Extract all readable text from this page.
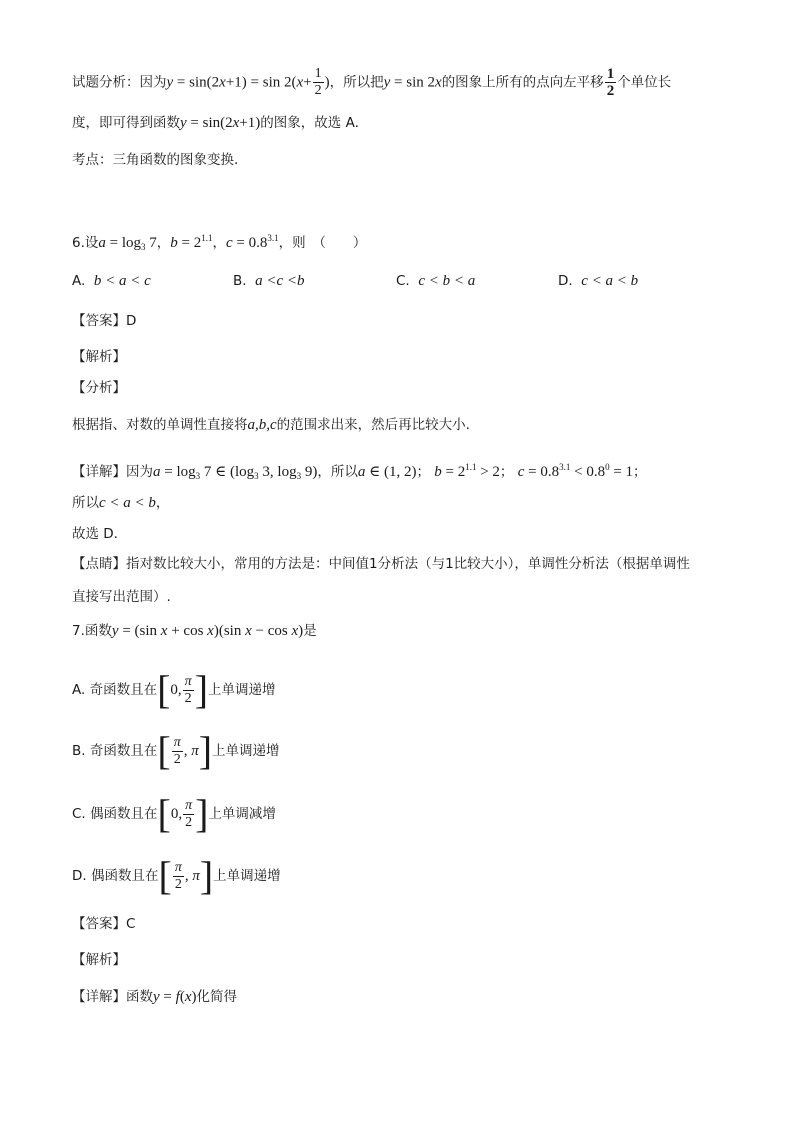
试题分析：因为$y = \sin(2x+1) = \sin 2(x+ \frac{1}{2}$ )，所以把y = sin 2x的图象上所有的点向左平移 $\frac{1}{2}$ 个单位长
度，即可得到函数y = sin(2x+1)的图象，故选 A．
考点：三角函数的图象变换．
6.设$a = \log_3 7$，$b = 2^{1.1}$，$c = 0.8^{3.1}$，则　（　　）
A. b < a < c	B. a <c <b	C. c < b < a	D. c < a < b
【答案】D
【解析】
【分析】
根据指、对数的单调性直接将a,b,c的范围求出来，然后再比较大小.
【详解】因为$a = \log_3 7$ ∈ ($\log_3$ 3, $\log_3 9$)，所以a ∈ (1, 2)； $b = 2^{1.1} > 2$； $c = 0.8^{3.1} < 0.8^0 = 1$；
所以c < a < b，
故选 D.
【点睛】指对数比较大小，常用的方法是：中间值1分析法（与1比较大小），单调性分析法（根据单调性
直接写出范围）.
7.函数y = (sin x + cos x)(sin x − cos x)是
A. 奇函数且在 [ 0, $\frac{\pi}{2}$ ] 上单调递增
B. 奇函数且在 [ $\frac{\pi}{2}$ , π ] 上单调递增
C. 偶函数且在 [ 0, $\frac{\pi}{2}$ ] 上单调减增
D. 偶函数且在 [ $\frac{\pi}{2}$ , π ] 上单调递增
【答案】C
【解析】
【详解】函数y = f(x)化简得
